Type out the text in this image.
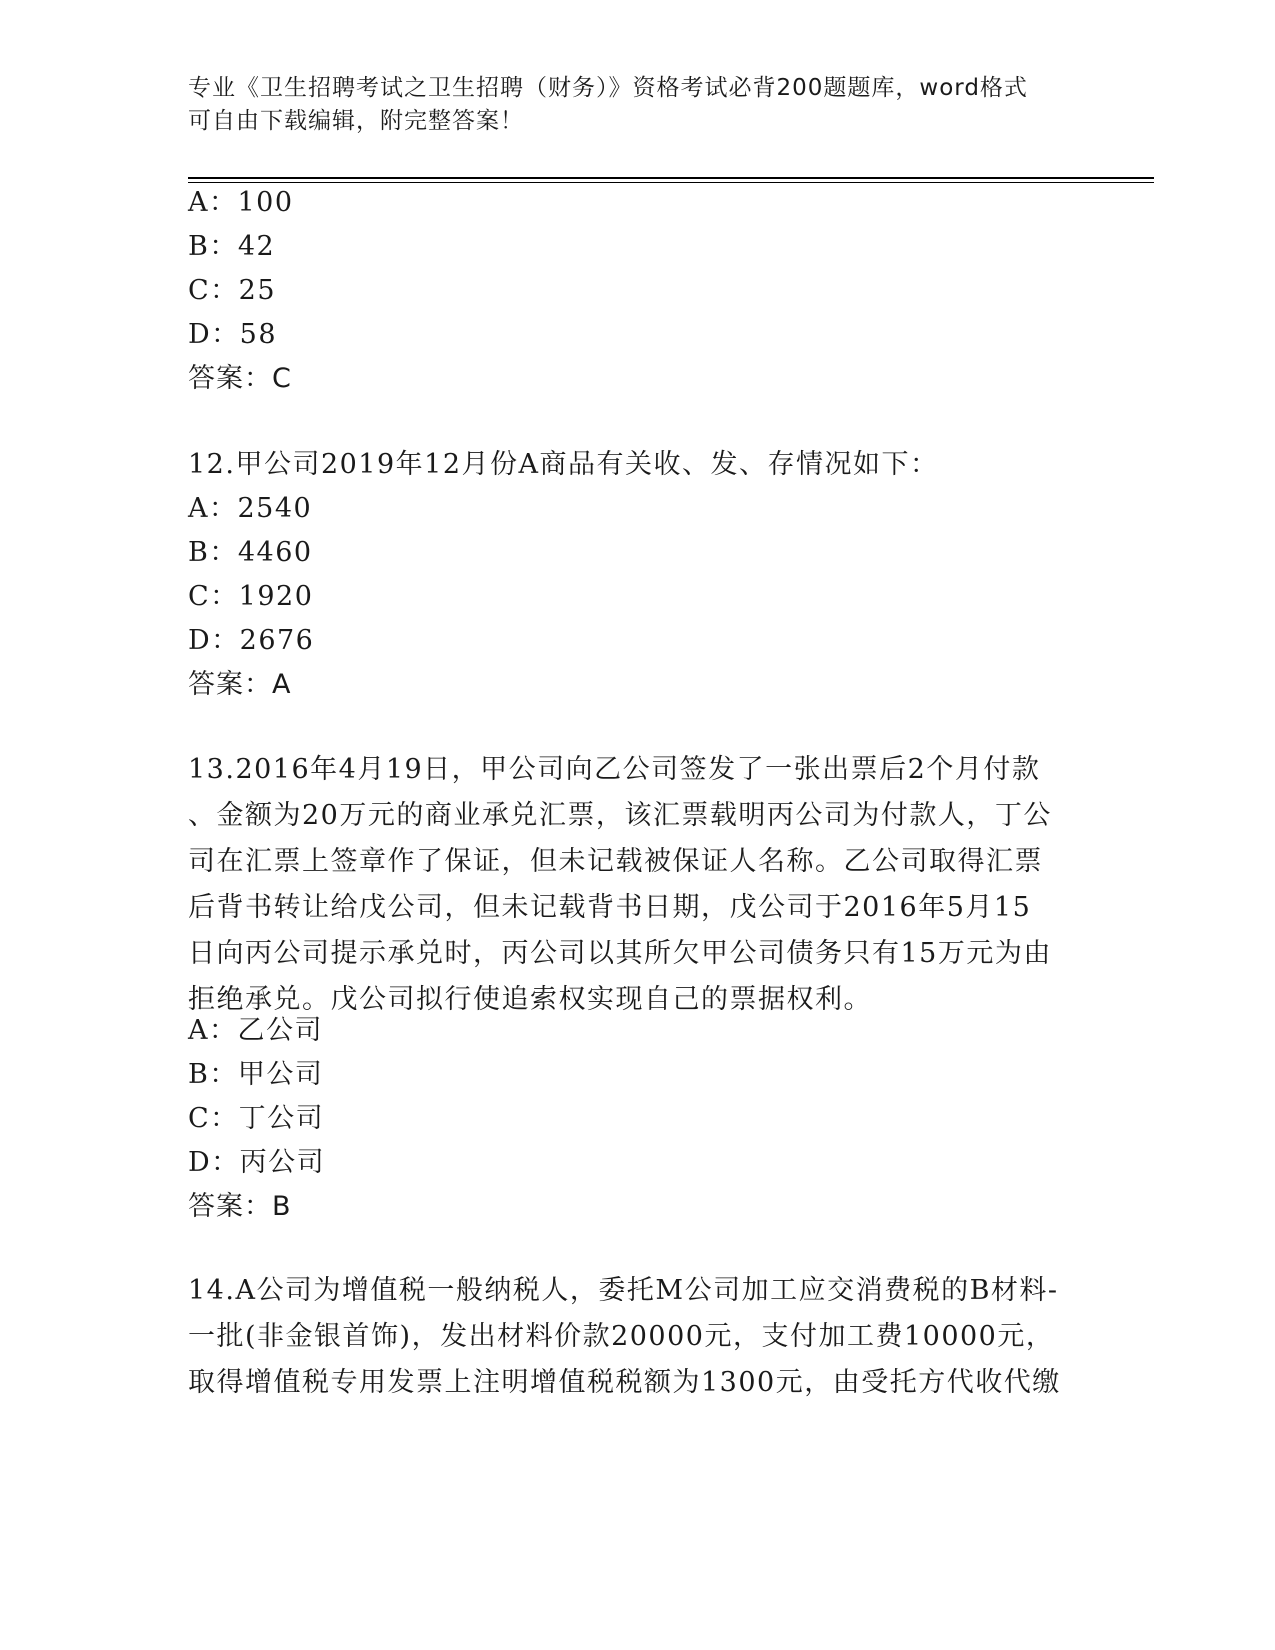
专业《卫生招聘考试之卫生招聘（财务）》资格考试必背200题题库，word格式
可自由下载编辑，附完整答案！
A：100
B：42
C：25
D：58
答案：C
12.甲公司2019年12月份A商品有关收、发、存情况如下：
A：2540
B：4460
C：1920
D：2676
答案：A
13.2016年4月19日，甲公司向乙公司签发了一张出票后2个月付款
、金额为20万元的商业承兑汇票，该汇票载明丙公司为付款人，丁公
司在汇票上签章作了保证，但未记载被保证人名称。乙公司取得汇票
后背书转让给戊公司，但未记载背书日期，戊公司于2016年5月15
日向丙公司提示承兑时，丙公司以其所欠甲公司债务只有15万元为由
拒绝承兑。戊公司拟行使追索权实现自己的票据权利。
A：乙公司
B：甲公司
C：丁公司
D：丙公司
答案：B
14.A公司为增值税一般纳税人，委托M公司加工应交消费税的B材料-
一批(非金银首饰)，发出材料价款20000元，支付加工费10000元，
取得增值税专用发票上注明增值税税额为1300元，由受托方代收代缴
